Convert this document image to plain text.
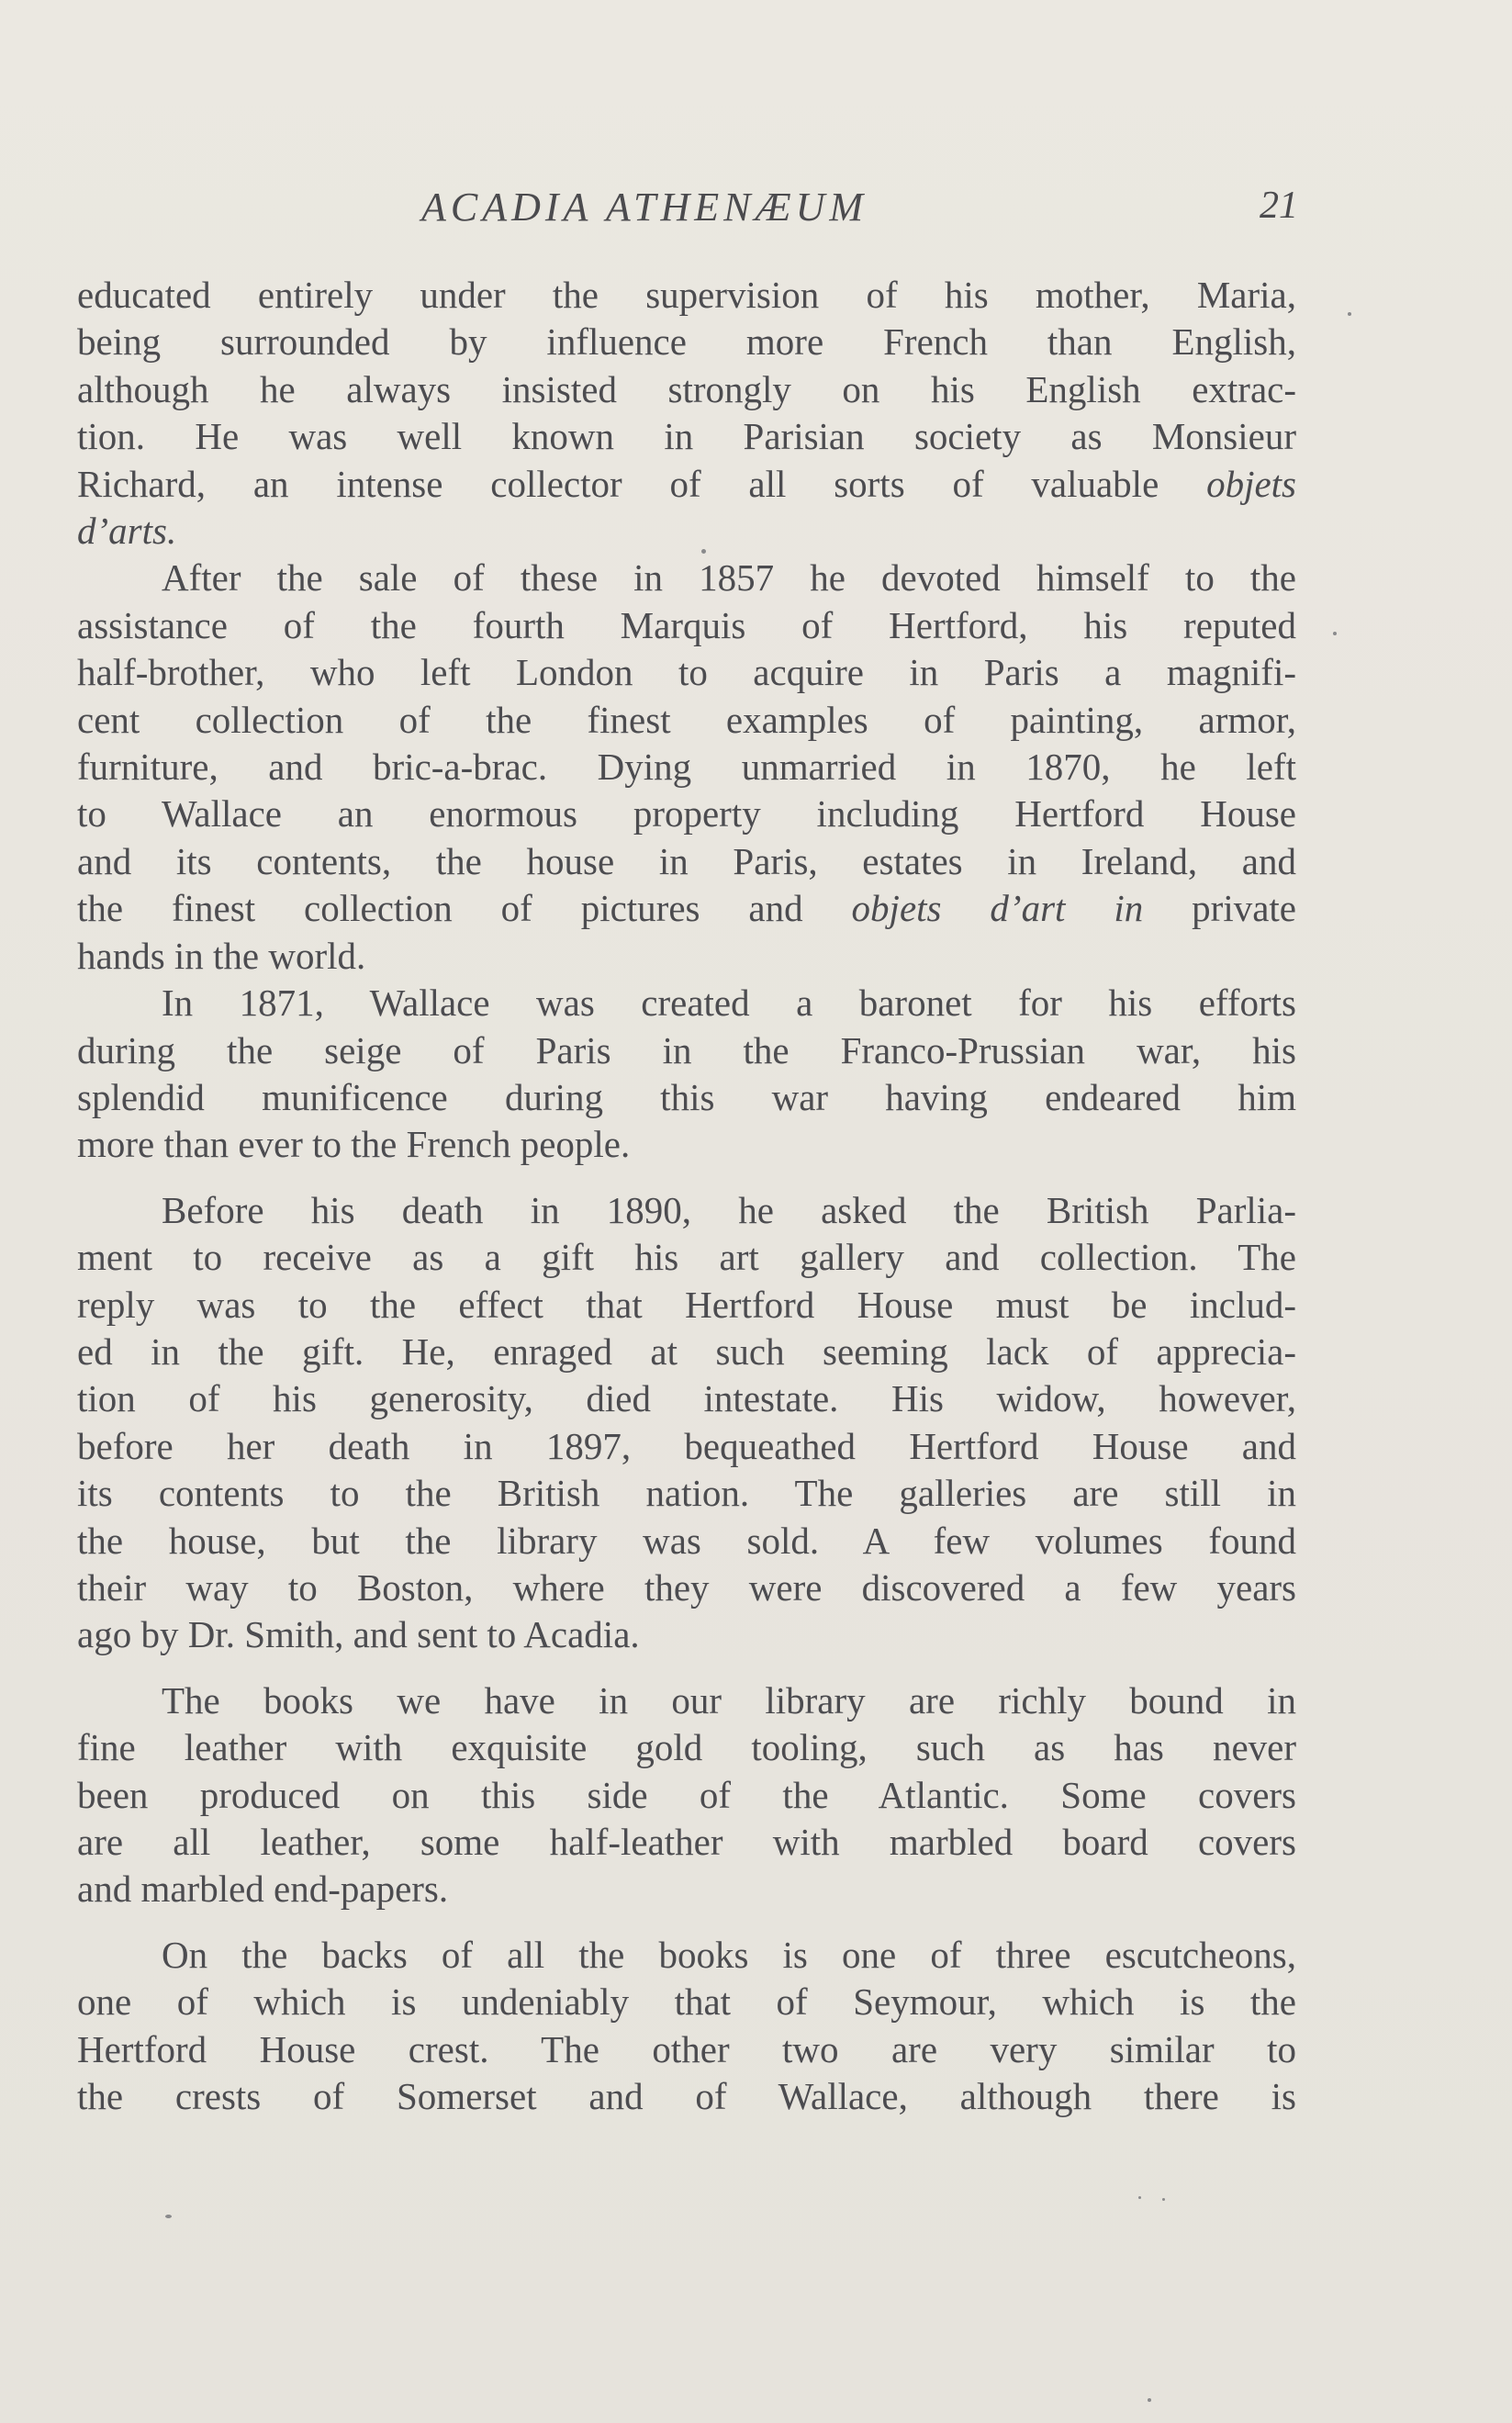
ACADIA ATHENÆUM	21

educated entirely under the supervision of his mother, Maria,
being surrounded by influence more French than English,
although he always insisted strongly on his English extrac-
tion. He was well known in Parisian society as Monsieur
Richard, an intense collector of all sorts of valuable objets
d’arts.

After the sale of these in 1857 he devoted himself to the
assistance of the fourth Marquis of Hertford, his reputed
half-brother, who left London to acquire in Paris a magnifi-
cent collection of the finest examples of painting, armor,
furniture, and bric-a-brac. Dying unmarried in 1870, he left
to Wallace an enormous property including Hertford House
and its contents, the house in Paris, estates in Ireland, and
the finest collection of pictures and objets d’art in private
hands in the world.

In 1871, Wallace was created a baronet for his efforts
during the seige of Paris in the Franco-Prussian war, his
splendid munificence during this war having endeared him
more than ever to the French people.

Before his death in 1890, he asked the British Parlia-
ment to receive as a gift his art gallery and collection. The
reply was to the effect that Hertford House must be includ-
ed in the gift. He, enraged at such seeming lack of apprecia-
tion of his generosity, died intestate. His widow, however,
before her death in 1897, bequeathed Hertford House and
its contents to the British nation. The galleries are still in
the house, but the library was sold. A few volumes found
their way to Boston, where they were discovered a few years
ago by Dr. Smith, and sent to Acadia.

The books we have in our library are richly bound in
fine leather with exquisite gold tooling, such as has never
been produced on this side of the Atlantic. Some covers
are all leather, some half-leather with marbled board covers
and marbled end-papers.

On the backs of all the books is one of three escutcheons,
one of which is undeniably that of Seymour, which is the
Hertford House crest. The other two are very similar to
the crests of Somerset and of Wallace, although there is
